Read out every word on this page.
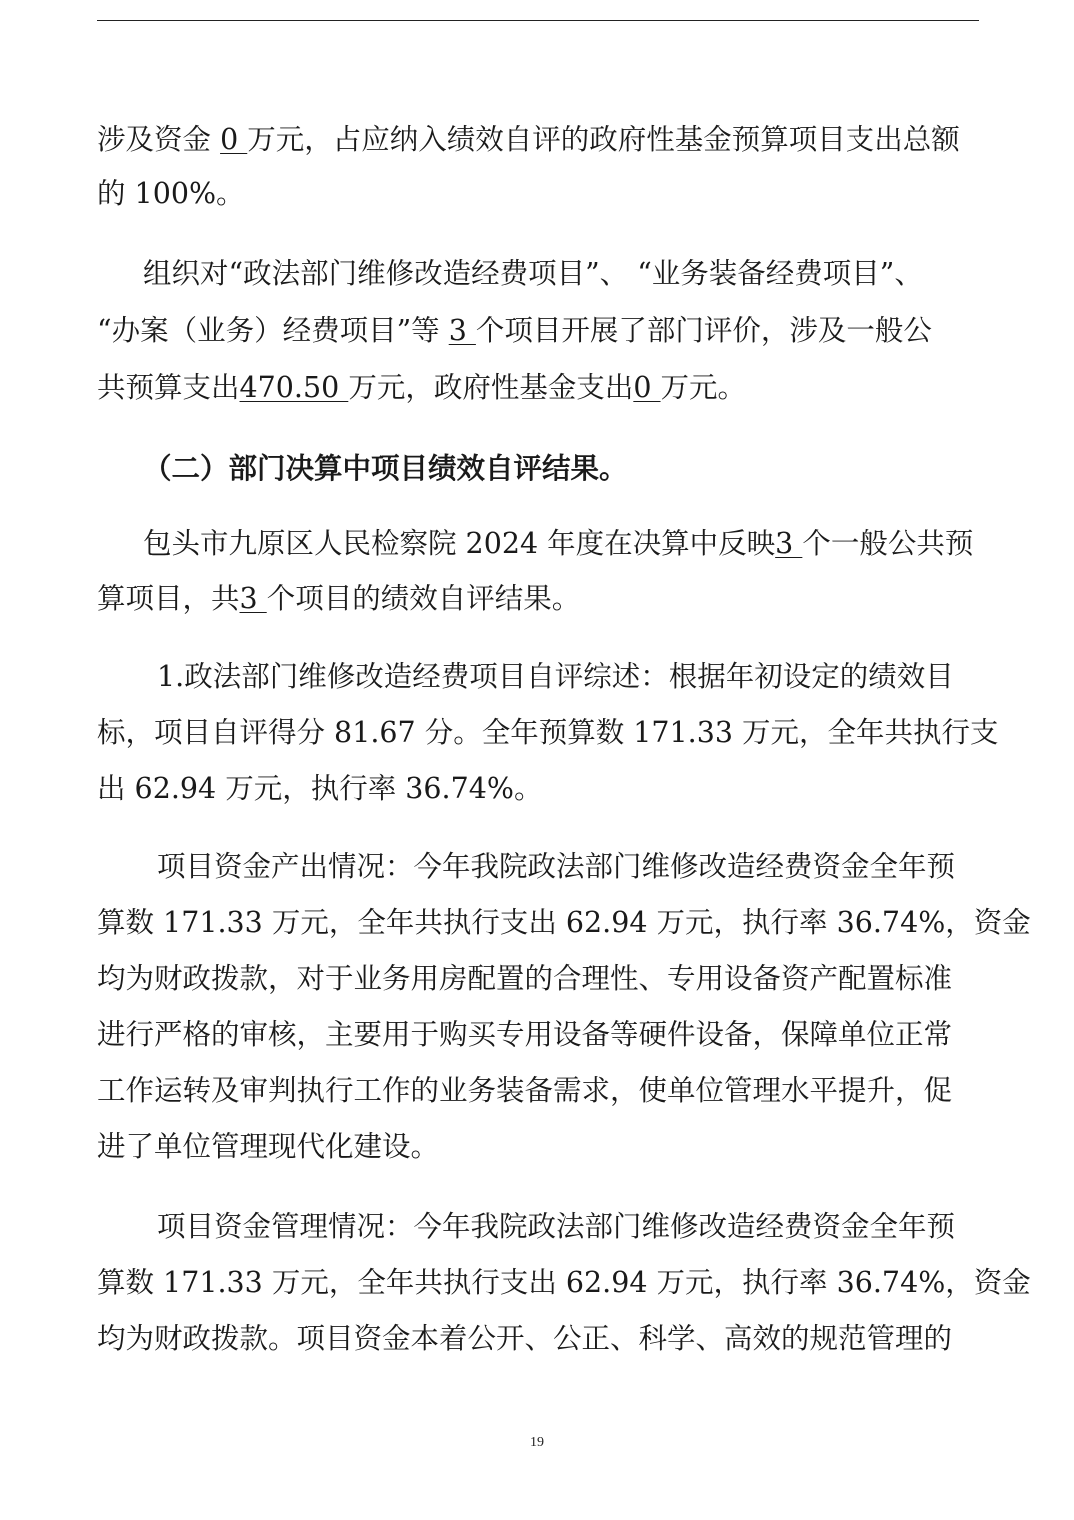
涉及资金 0 万元，占应纳入绩效自评的政府性基金预算项目支出总额

的 100%。

组织对“政法部门维修改造经费项目”、 “业务装备经费项目”、

“办案（业务）经费项目”等 3 个项目开展了部门评价，涉及一般公

共预算支出470.50 万元，政府性基金支出0 万元。

（二）部门决算中项目绩效自评结果。

包头市九原区人民检察院 2024 年度在决算中反映3 个一般公共预

算项目，共3 个项目的绩效自评结果。

1.政法部门维修改造经费项目自评综述：根据年初设定的绩效目

标，项目自评得分 81.67 分。全年预算数 171.33 万元，全年共执行支

出 62.94 万元，执行率 36.74%。

项目资金产出情况：今年我院政法部门维修改造经费资金全年预

算数 171.33 万元，全年共执行支出 62.94 万元，执行率 36.74%，资金

均为财政拨款，对于业务用房配置的合理性、专用设备资产配置标准

进行严格的审核，主要用于购买专用设备等硬件设备，保障单位正常

工作运转及审判执行工作的业务装备需求，使单位管理水平提升，促

进了单位管理现代化建设。

项目资金管理情况：今年我院政法部门维修改造经费资金全年预

算数 171.33 万元，全年共执行支出 62.94 万元，执行率 36.74%，资金

均为财政拨款。项目资金本着公开、公正、科学、高效的规范管理的

19
